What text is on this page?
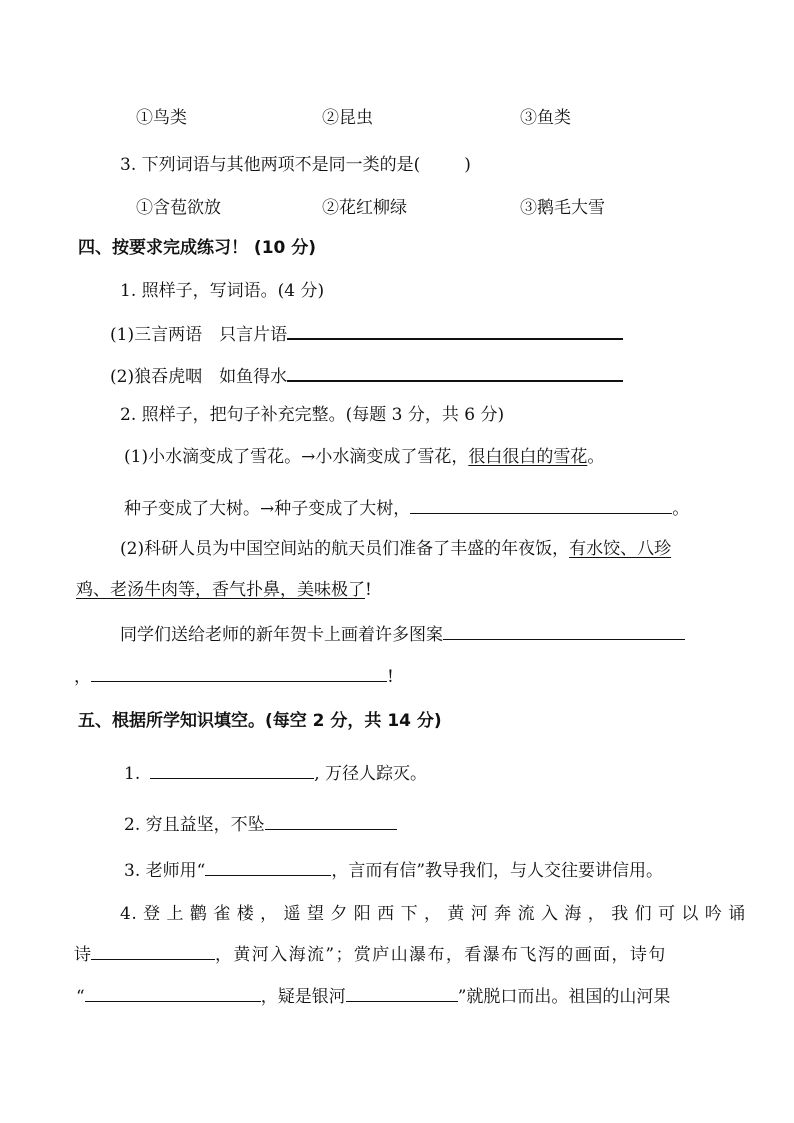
①鸟类	②昆虫	③鱼类
3. 下列词语与其他两项不是同一类的是(	)
①含苞欲放	②花红柳绿	③鹅毛大雪
四、按要求完成练习！ (10 分)
1. 照样子，写词语。(4 分)
(1)三言两语　只言片语
(2)狼吞虎咽　如鱼得水
2. 照样子，把句子补充完整。(每题 3 分，共 6 分)
(1)小水滴变成了雪花。→小水滴变成了雪花，很白很白的雪花。
种子变成了大树。→种子变成了大树，	。
(2)科研人员为中国空间站的航天员们准备了丰盛的年夜饭，有水饺、八珍
鸡、老汤牛肉等，香气扑鼻，美味极了!
同学们送给老师的新年贺卡上画着许多图案
，	!
五、根据所学知识填空。(每空 2 分，共 14 分)
1.	, 万径人踪灭。
2. 穷且益坚，不坠
3. 老师用“	，言而有信”教导我们，与人交往要讲信用。
4. 登 上 鹳 雀 楼 ， 遥 望 夕 阳 西 下 ， 黄 河 奔 流 入 海 ， 我 们 可 以 吟 诵
诗	，黄河入海流”；赏庐山瀑布，看瀑布飞泻的画面，诗句
“	，疑是银河	”就脱口而出。祖国的山河果
